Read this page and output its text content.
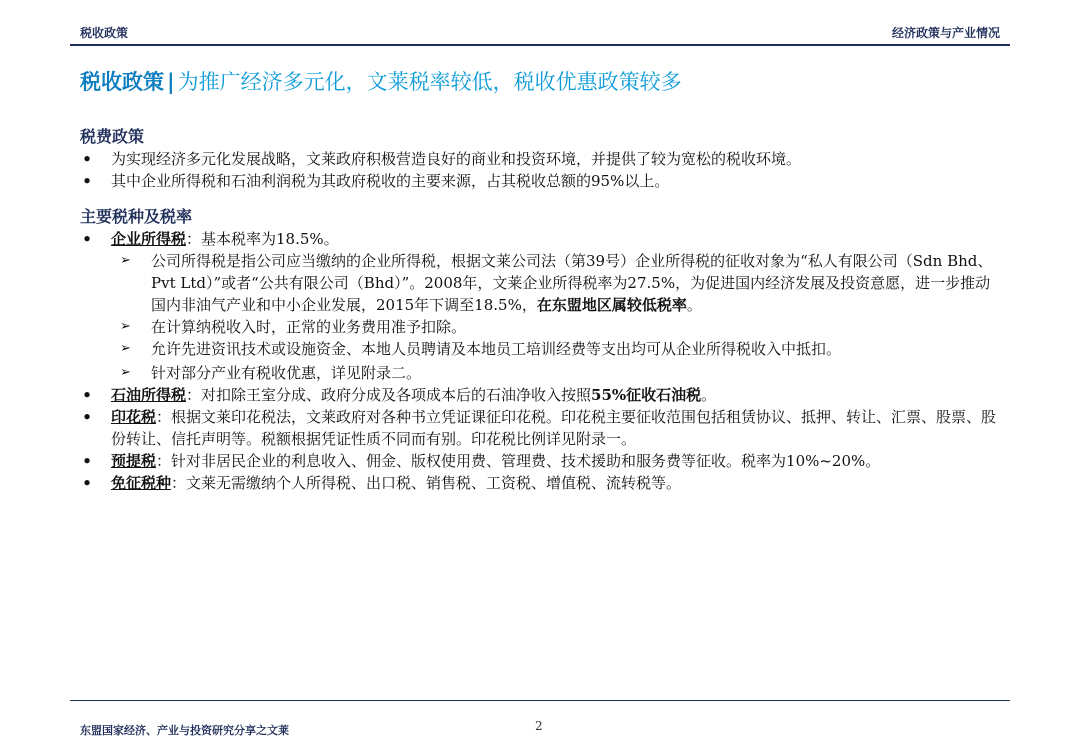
税收政策	经济政策与产业情况
税收政策 | 为推广经济多元化，文莱税率较低，税收优惠政策较多

税费政策

• 为实现经济多元化发展战略，文莱政府积极营造良好的商业和投资环境，并提供了较为宽松的税收环境。
• 其中企业所得税和石油利润税为其政府税收的主要来源，占其税收总额的95%以上。

主要税种及税率

• 企业所得税：基本税率为18.5%。
➢ 公司所得税是指公司应当缴纳的企业所得税，根据文莱公司法（第39号）企业所得税的征收对象为“私人有限公司（Sdn Bhd、Pvt Ltd）”或者“公共有限公司（Bhd）”。2008年，文莱企业所得税率为27.5%，为促进国内经济发展及投资意愿，进一步推动国内非油气产业和中小企业发展，2015年下调至18.5%，在东盟地区属较低税率。
➢ 在计算纳税收入时，正常的业务费用准予扣除。
➢ 允许先进资讯技术或设施资金、本地人员聘请及本地员工培训经费等支出均可从企业所得税收入中抵扣。
➢ 针对部分产业有税收优惠，详见附录二。
• 石油所得税：对扣除王室分成、政府分成及各项成本后的石油净收入按照55%征收石油税。
• 印花税：根据文莱印花税法，文莱政府对各种书立凭证课征印花税。印花税主要征收范围包括租赁协议、抵押、转让、汇票、股票、股份转让、信托声明等。税额根据凭证性质不同而有别。印花税比例详见附录一。
• 预提税：针对非居民企业的利息收入、佣金、版权使用费、管理费、技术援助和服务费等征收。税率为10%~20%。
• 免征税种：文莱无需缴纳个人所得税、出口税、销售税、工资税、增值税、流转税等。
东盟国家经济、产业与投资研究分享之文莱	2
